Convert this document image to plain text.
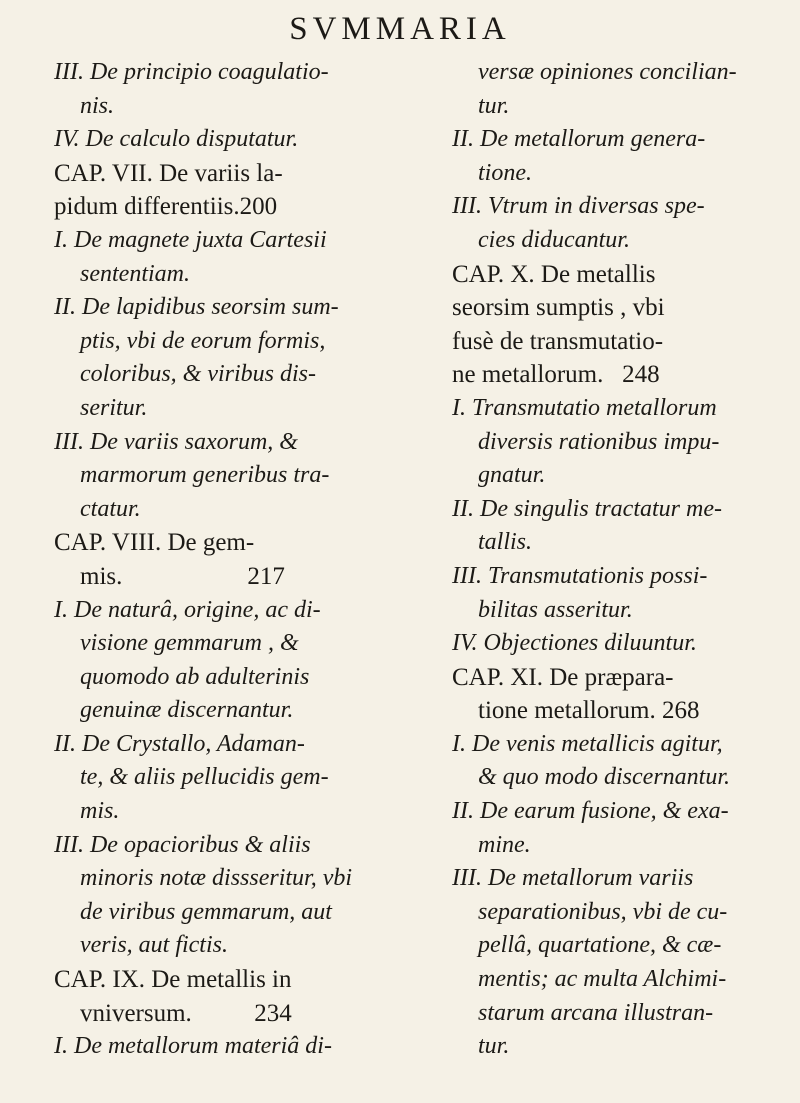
SVMMARIA
III. De principio coagulatio-
nis.
IV. De calculo disputatur.
CAP. VII. De variis la-
pidum differentiis.200
I. De magnete juxta Cartesii
sententiam.
II. De lapidibus seorsim sum-
ptis, vbi de eorum formis,
coloribus, & viribus dis-
seritur.
III. De variis saxorum, &
marmorum generibus tra-
ctatur.
CAP. VIII. De gem-
mis.                    217
I. De naturâ, origine, ac di-
visione gemmarum , &
quomodo ab adulterinis
genuinæ discernantur.
II. De Crystallo, Adaman-
te, & aliis pellucidis gem-
mis.
III. De opacioribus & aliis
minoris notæ dissseritur, vbi
de viribus gemmarum, aut
veris, aut fictis.
CAP. IX. De metallis in
vniversum.          234
I. De metallorum materiâ di-
versæ opiniones concilian-
tur.
II. De metallorum genera-
tione.
III. Vtrum in diversas spe-
cies diducantur.
CAP. X. De metallis
seorsim sumptis , vbi
fusè de transmutatio-
ne metallorum.   248
I. Transmutatio metallorum
diversis rationibus impu-
gnatur.
II. De singulis tractatur me-
tallis.
III. Transmutationis possi-
bilitas asseritur.
IV. Objectiones diluuntur.
CAP. XI. De præpara-
tione metallorum. 268
I. De venis metallicis agitur,
& quo modo discernantur.
II. De earum fusione, & exa-
mine.
III. De metallorum variis
separationibus, vbi de cu-
pellâ, quartatione, & cæ-
mentis; ac multa Alchimi-
starum arcana illustran-
tur.
